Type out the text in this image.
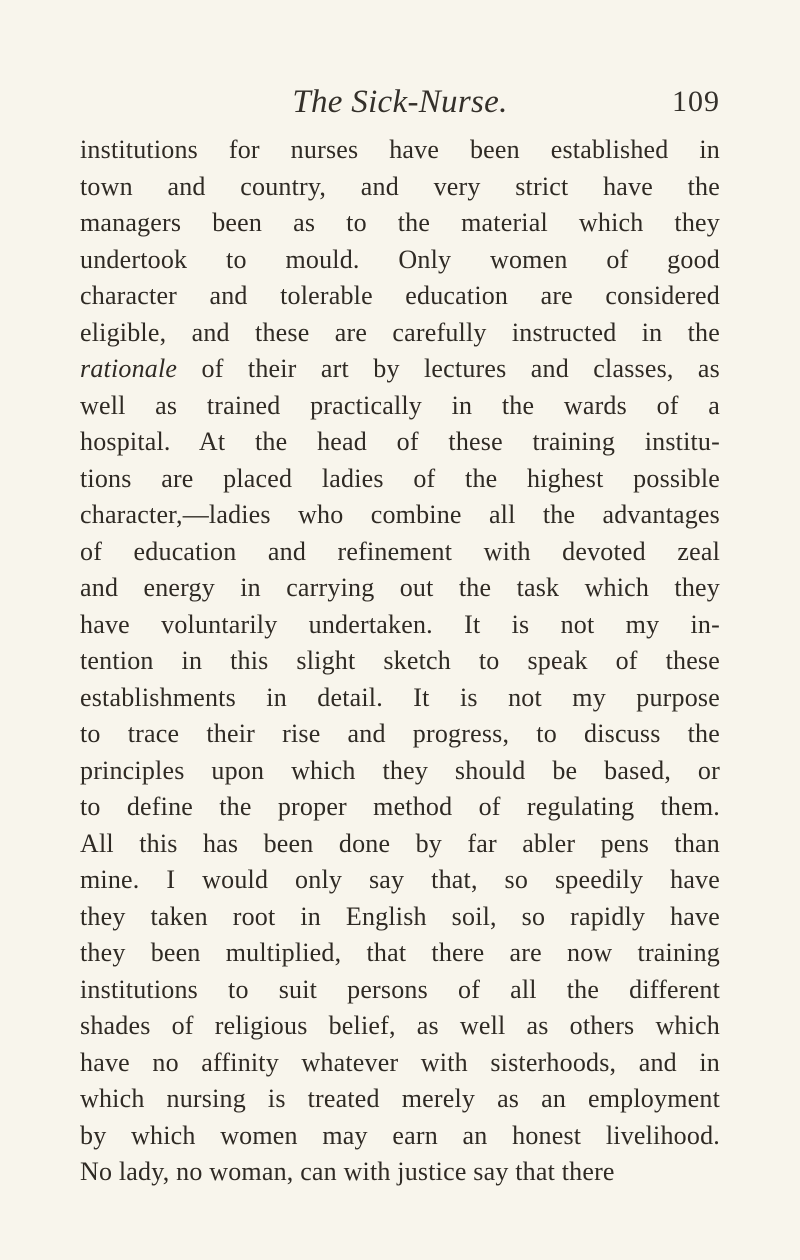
The Sick-Nurse.	109
institutions for nurses have been established in
town and country, and very strict have the
managers been as to the material which they
undertook to mould. Only women of good
character and tolerable education are considered
eligible, and these are carefully instructed in the
rationale of their art by lectures and classes, as
well as trained practically in the wards of a
hospital. At the head of these training institu-
tions are placed ladies of the highest possible
character,—ladies who combine all the advantages
of education and refinement with devoted zeal
and energy in carrying out the task which they
have voluntarily undertaken. It is not my in-
tention in this slight sketch to speak of these
establishments in detail. It is not my purpose
to trace their rise and progress, to discuss the
principles upon which they should be based, or
to define the proper method of regulating them.
All this has been done by far abler pens than
mine. I would only say that, so speedily have
they taken root in English soil, so rapidly have
they been multiplied, that there are now training
institutions to suit persons of all the different
shades of religious belief, as well as others which
have no affinity whatever with sisterhoods, and in
which nursing is treated merely as an employment
by which women may earn an honest livelihood.
No lady, no woman, can with justice say that there
